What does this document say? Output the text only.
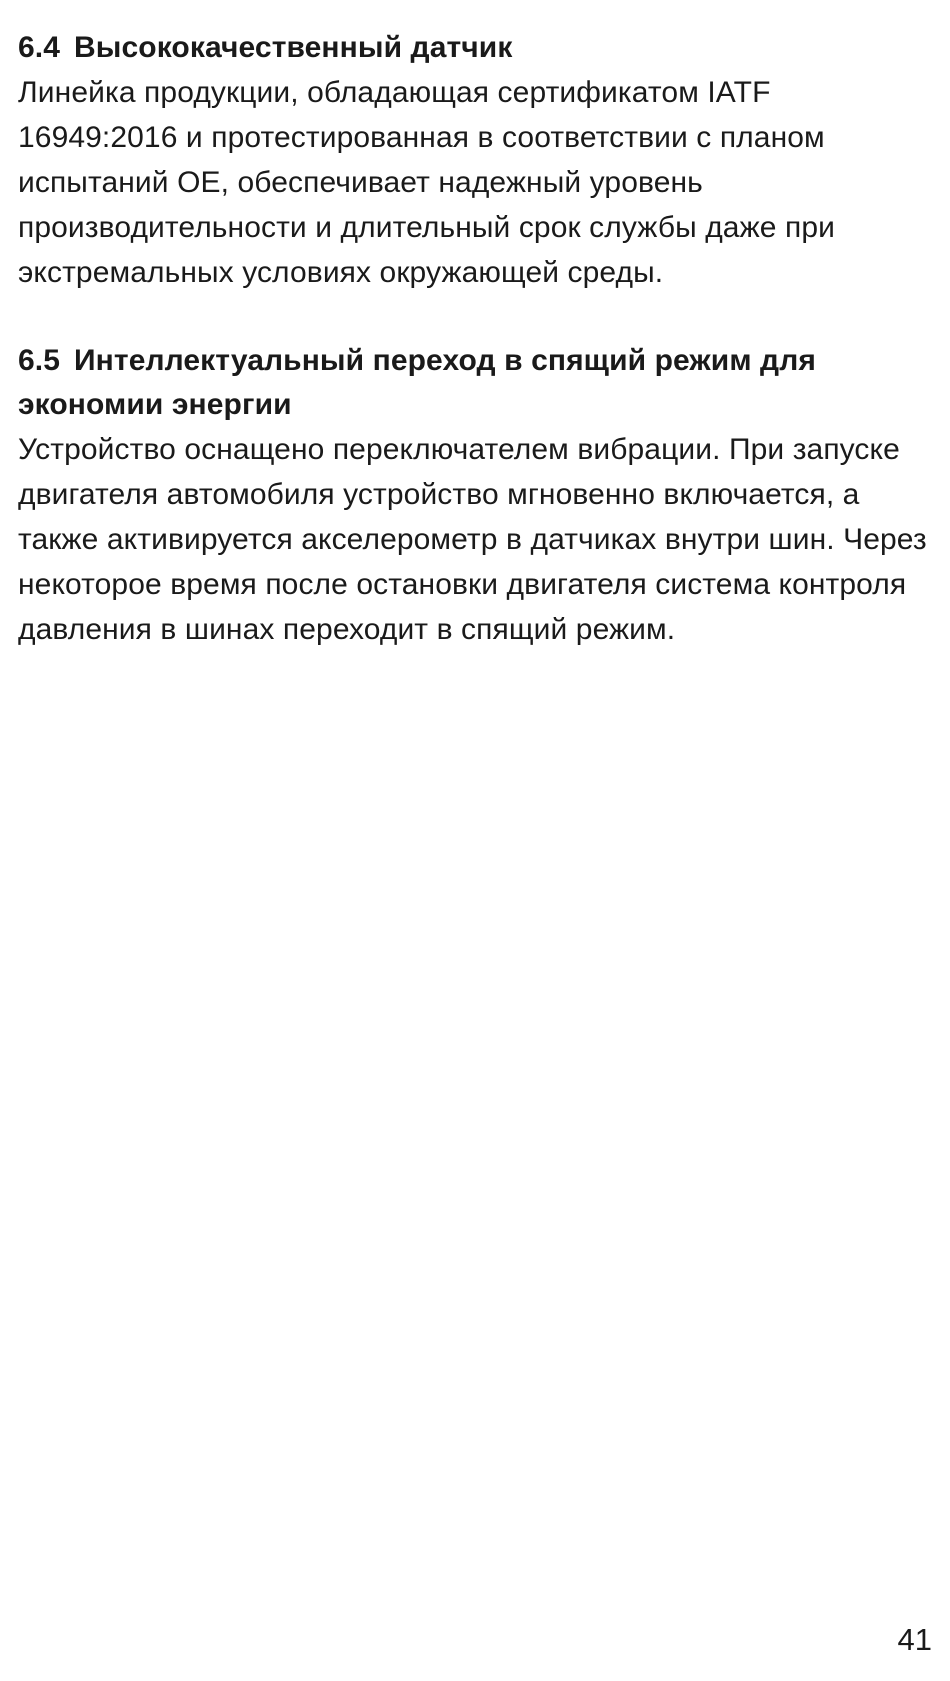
6.4 Высококачественный датчик

Линейка продукции, обладающая сертификатом IATF 16949:2016 и протестированная в соответствии с планом испытаний OE, обеспечивает надежный уровень производительности и длительный срок службы даже при экстремальных условиях окружающей среды.

6.5 Интеллектуальный переход в спящий режим для экономии энергии

Устройство оснащено переключателем вибрации. При запуске двигателя автомобиля устройство мгновенно включается, а также активируется акселерометр в датчиках внутри шин. Через некоторое время после остановки двигателя система контроля давления в шинах переходит в спящий режим.

41
